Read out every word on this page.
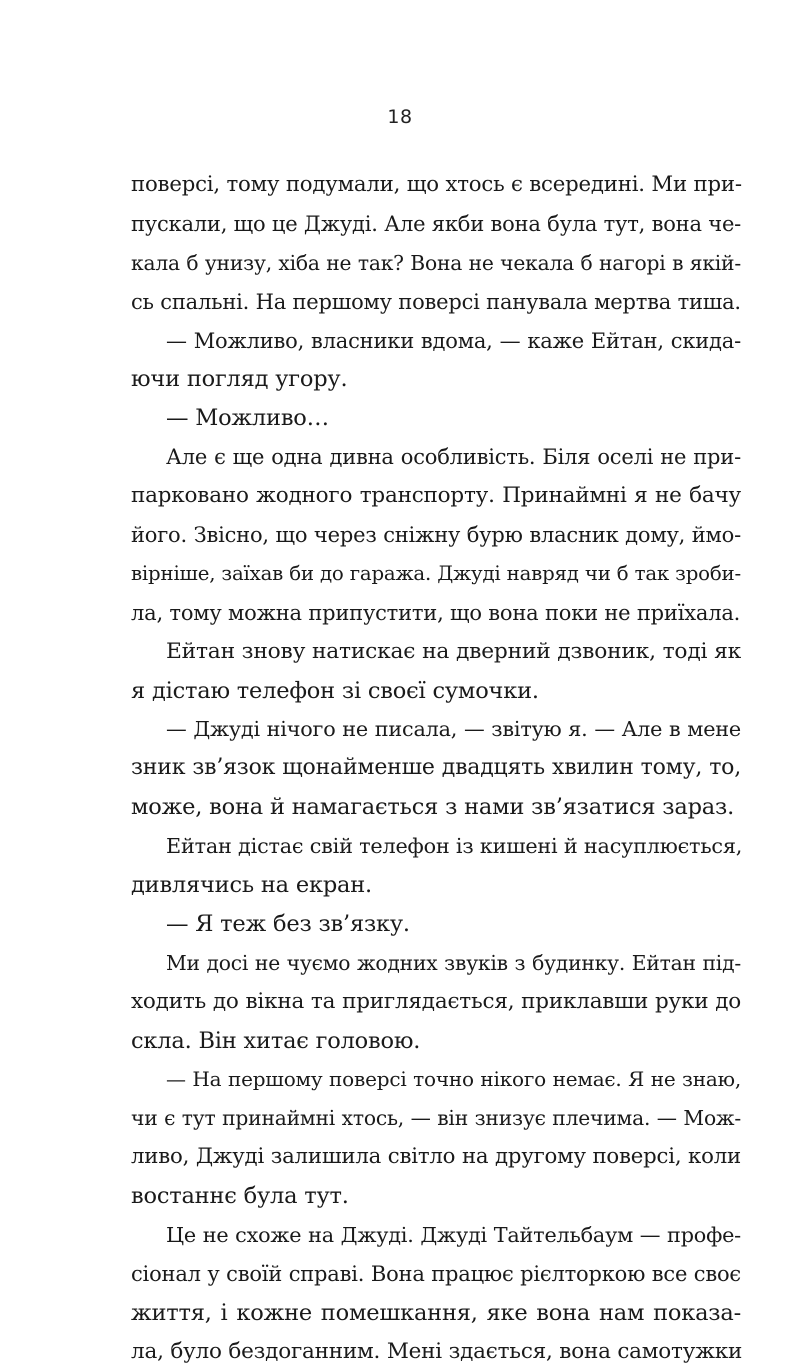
18
поверсі, тому подумали, що хтось є всередині. Ми при-
пускали, що це Джуді. Але якби вона була тут, вона че-
кала б унизу, хіба не так? Вона не чекала б нагорі в якій-
сь спальні. На першому поверсі панувала мертва тиша.
— Можливо, власники вдома, — каже Ейтан, скида-
ючи погляд угору.
— Можливо…
Але є ще одна дивна особливість. Біля оселі не при-
парковано жодного транспорту. Принаймні я не бачу
його. Звісно, що через сніжну бурю власник дому, ймо-
вірніше, заїхав би до гаража. Джуді навряд чи б так зроби-
ла, тому можна припустити, що вона поки не приїхала.
Ейтан знову натискає на дверний дзвоник, тоді як
я дістаю телефон зі своєї сумочки.
— Джуді нічого не писала, — звітую я. — Але в мене
зник зв’язок щонайменше двадцять хвилин тому, то,
може, вона й намагається з нами зв’язатися зараз.
Ейтан дістає свій телефон із кишені й насуплюється,
дивлячись на екран.
— Я теж без зв’язку.
Ми досі не чуємо жодних звуків з будинку. Ейтан під-
ходить до вікна та приглядається, приклавши руки до
скла. Він хитає головою.
— На першому поверсі точно нікого немає. Я не знаю,
чи є тут принаймні хтось, — він знизує плечима. — Мож-
ливо, Джуді залишила світло на другому поверсі, коли
востаннє була тут.
Це не схоже на Джуді. Джуді Тайтельбаум — профе-
сіонал у своїй справі. Вона працює рієлторкою все своє
життя, і кожне помешкання, яке вона нам показа-
ла, було бездоганним. Мені здається, вона самотужки
